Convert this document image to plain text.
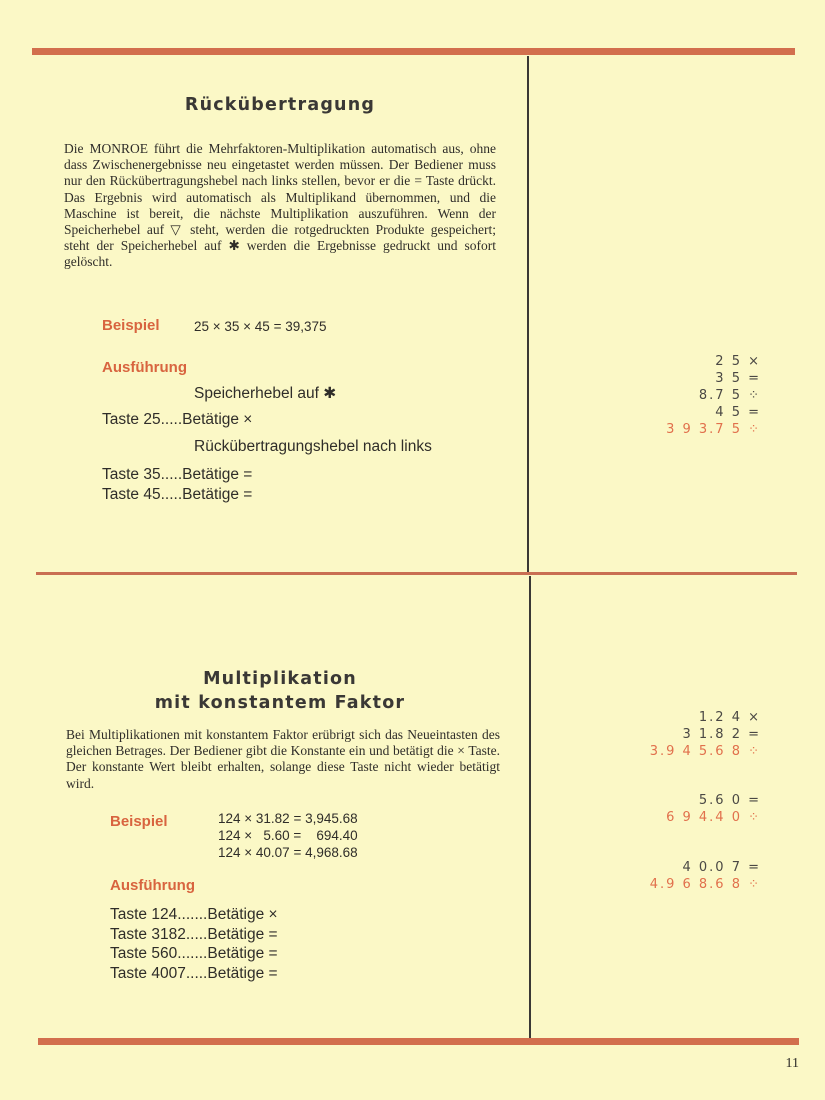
Rückübertragung
Die MONROE führt die Mehrfaktoren-Multiplikation automatisch aus, ohne dass Zwischenergebnisse neu eingetastet werden müssen. Der Bediener muss nur den Rückübertragungshebel nach links stellen, bevor er die = Taste drückt. Das Ergebnis wird automatisch als Multiplikand übernommen, und die Maschine ist bereit, die nächste Multiplikation auszuführen. Wenn der Speicherhebel auf ▽ steht, werden die rotgedruckten Produkte gespeichert; steht der Speicherhebel auf ✱ werden die Ergebnisse gedruckt und sofort gelöscht.
Beispiel	25 × 35 × 45 = 39,375
Ausführung
Speicherhebel auf ✱
Taste 25.....Betätige ×
Rückübertragungshebel nach links
Taste 35.....Betätige =
Taste 45.....Betätige =
2 5 ×
3 5 =
8.7 5 ⁘
4 5 =
3 9 3.7 5 ⁘
Multiplikation
mit konstantem Faktor
Bei Multiplikationen mit konstantem Faktor erübrigt sich das Neueintasten des gleichen Betrages. Der Bediener gibt die Konstante ein und betätigt die × Taste. Der konstante Wert bleibt erhalten, solange diese Taste nicht wieder betätigt wird.
Beispiel	124 × 31.82 = 3,945.68
124 ×   5.60 =    694.40
124 × 40.07 = 4,968.68
Ausführung
Taste 124.......Betätige ×
Taste 3182.....Betätige =
Taste 560.......Betätige =
Taste 4007.....Betätige =
1.2 4 ×
3 1.8 2 =
3.9 4 5.6 8 ⁘
5.6 0 =
6 9 4.4 0 ⁘
4 0.0 7 =
4.9 6 8.6 8 ⁘
11
